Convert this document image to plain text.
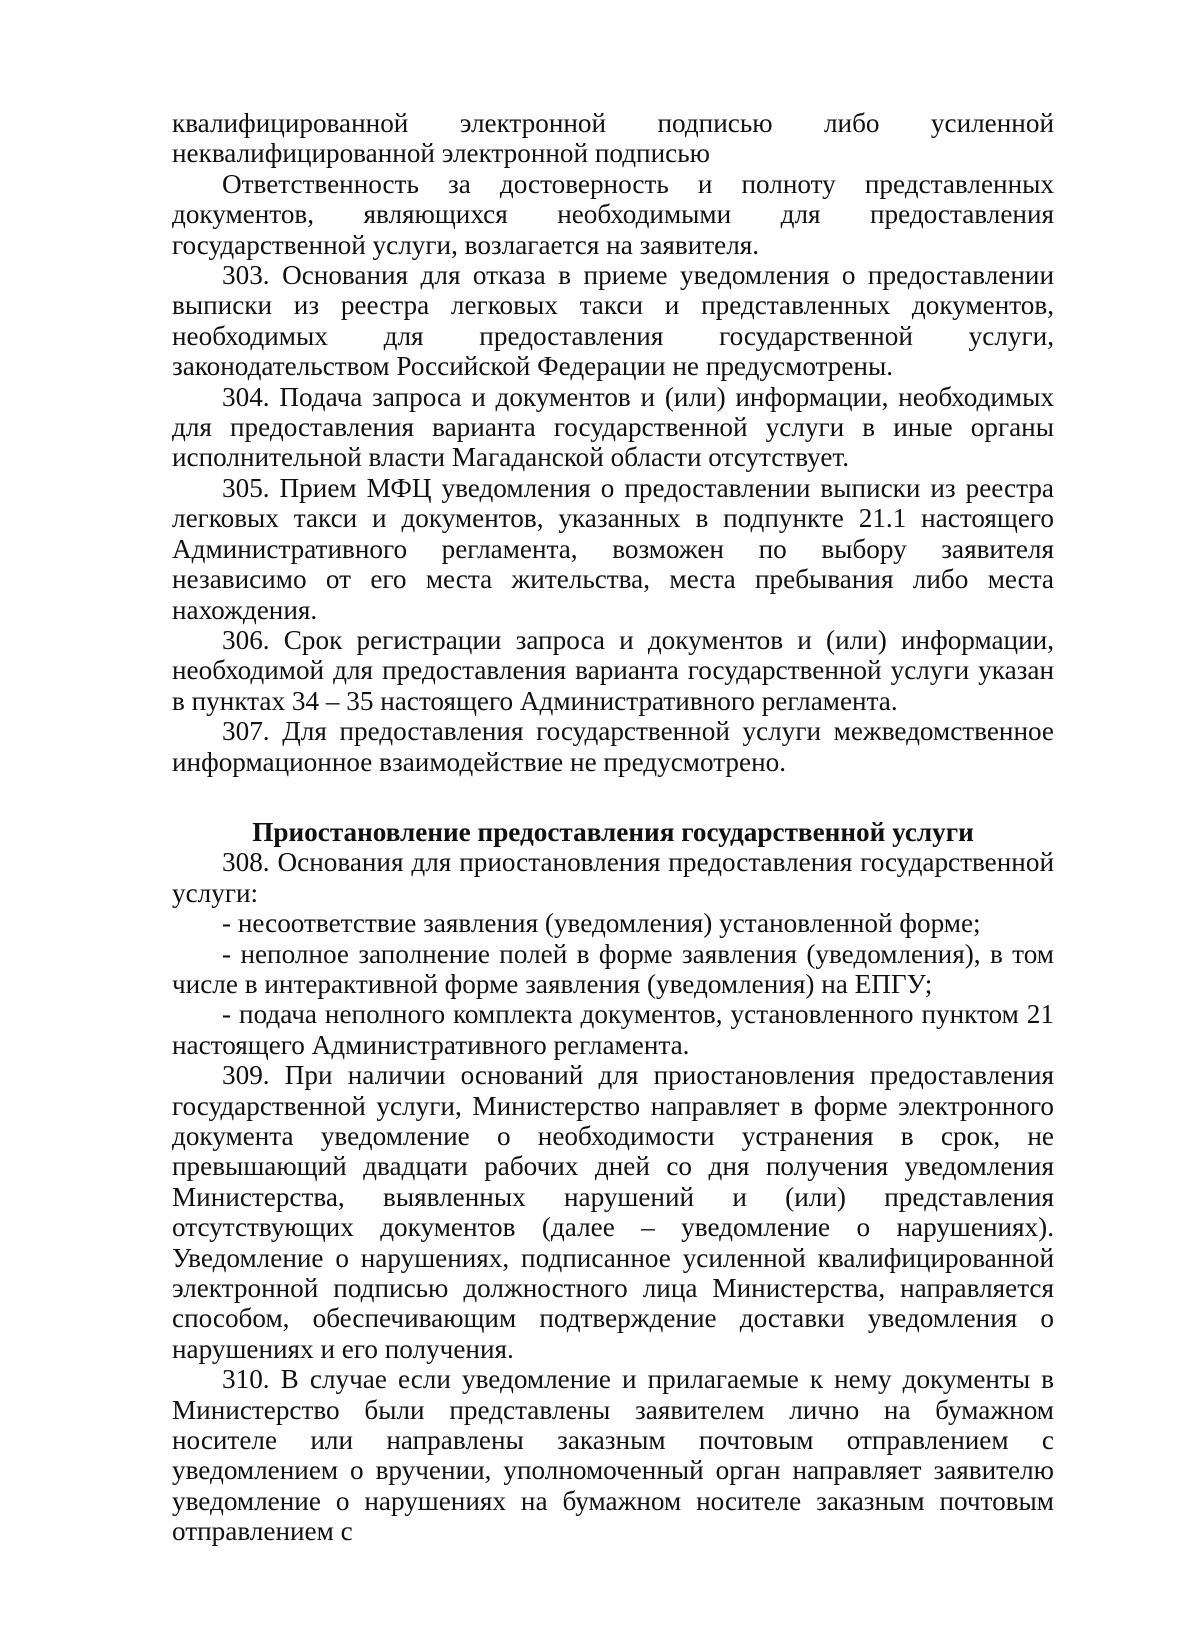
квалифицированной электронной подписью либо усиленной неквалифицированной электронной подписью

Ответственность за достоверность и полноту представленных документов, являющихся необходимыми для предоставления государственной услуги, возлагается на заявителя.

303. Основания для отказа в приеме уведомления о предоставлении выписки из реестра легковых такси и представленных документов, необходимых для предоставления государственной услуги, законодательством Российской Федерации не предусмотрены.

304. Подача запроса и документов и (или) информации, необходимых для предоставления варианта государственной услуги в иные органы исполнительной власти Магаданской области отсутствует.

305. Прием МФЦ уведомления о предоставлении выписки из реестра легковых такси и документов, указанных в подпункте 21.1 настоящего Административного регламента, возможен по выбору заявителя независимо от его места жительства, места пребывания либо места нахождения.

306. Срок регистрации запроса и документов и (или) информации, необходимой для предоставления варианта государственной услуги указан в пунктах 34 – 35 настоящего Административного регламента.

307. Для предоставления государственной услуги межведомственное информационное взаимодействие не предусмотрено.

Приостановление предоставления государственной услуги

308. Основания для приостановления предоставления государственной услуги:

- несоответствие заявления (уведомления) установленной форме;

- неполное заполнение полей в форме заявления (уведомления), в том числе в интерактивной форме заявления (уведомления) на ЕПГУ;

- подача неполного комплекта документов, установленного пунктом 21 настоящего Административного регламента.

309. При наличии оснований для приостановления предоставления государственной услуги, Министерство направляет в форме электронного документа уведомление о необходимости устранения в срок, не превышающий двадцати рабочих дней со дня получения уведомления Министерства, выявленных нарушений и (или) представления отсутствующих документов (далее – уведомление о нарушениях). Уведомление о нарушениях, подписанное усиленной квалифицированной электронной подписью должностного лица Министерства, направляется способом, обеспечивающим подтверждение доставки уведомления о нарушениях и его получения.

310. В случае если уведомление и прилагаемые к нему документы в Министерство были представлены заявителем лично на бумажном носителе или направлены заказным почтовым отправлением с уведомлением о вручении, уполномоченный орган направляет заявителю уведомление о нарушениях на бумажном носителе заказным почтовым отправлением с
